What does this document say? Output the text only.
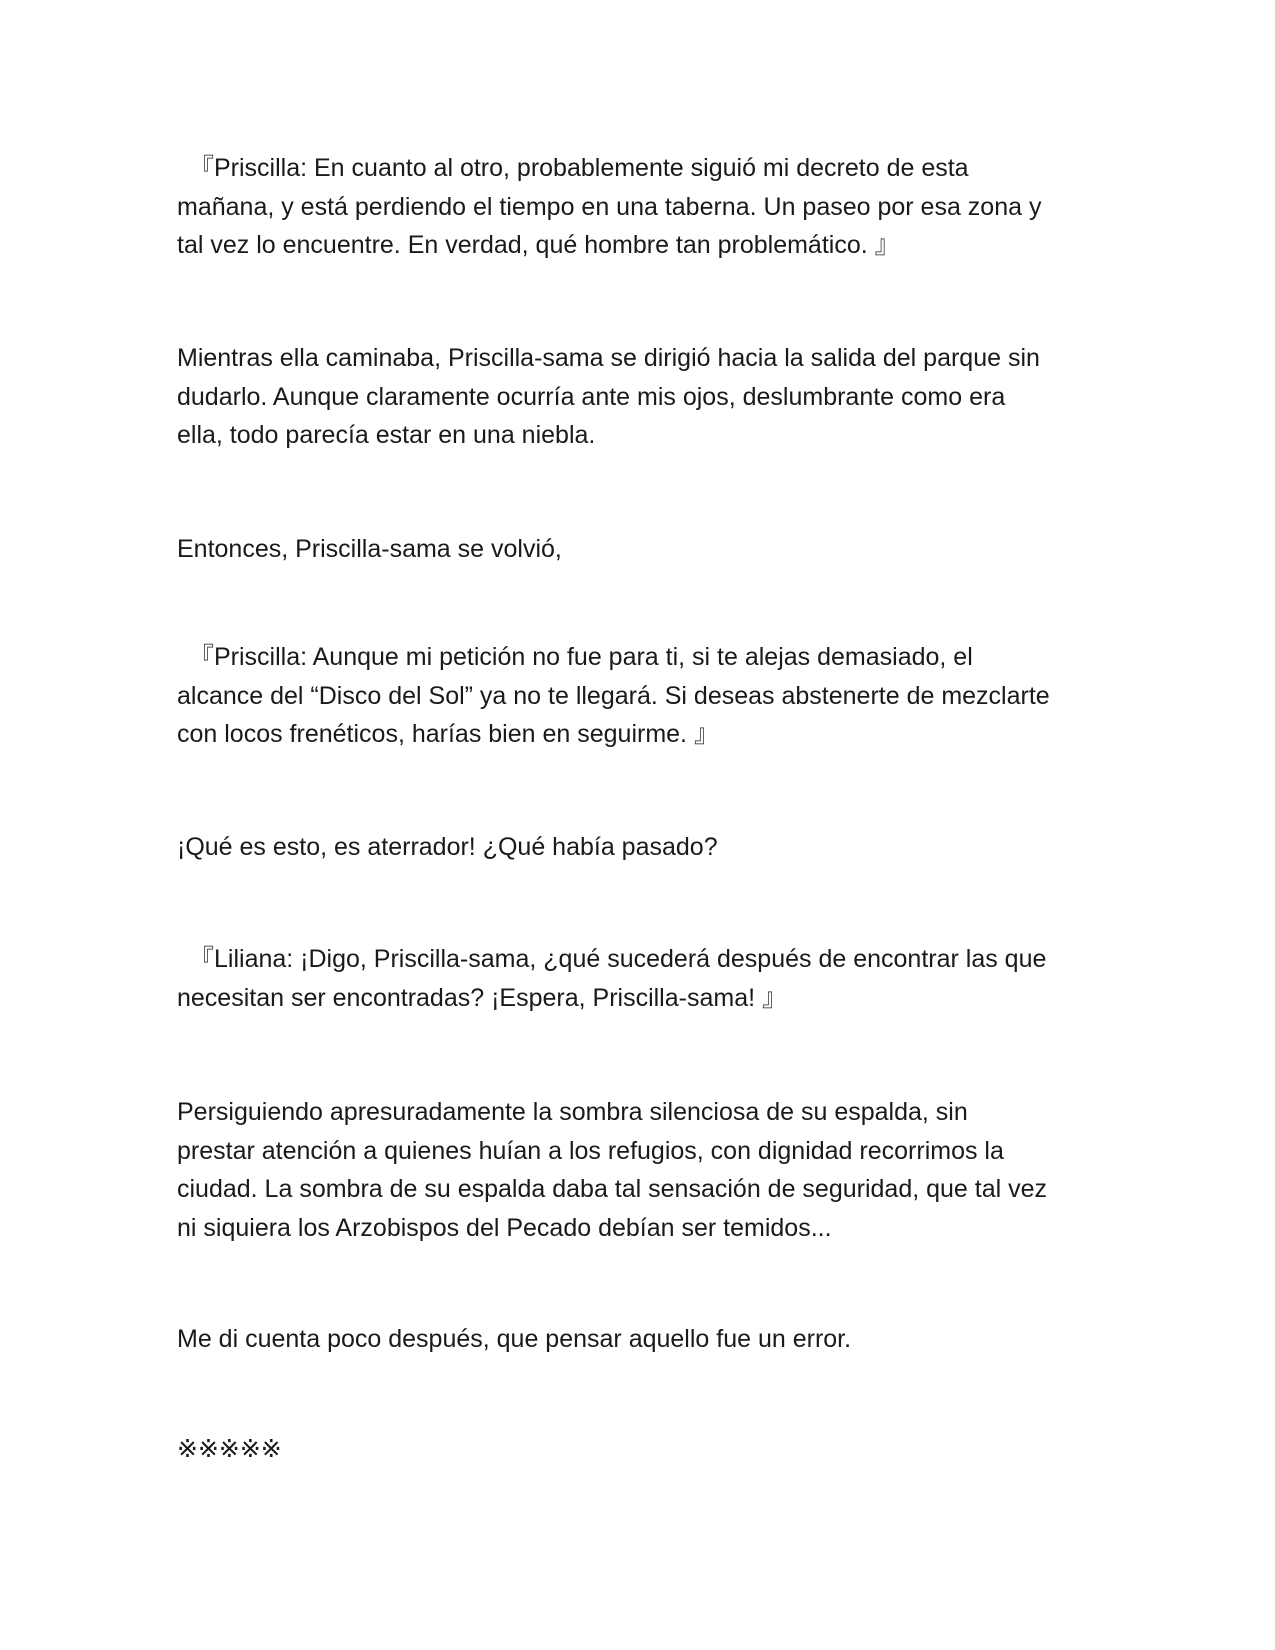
『Priscilla: En cuanto al otro, probablemente siguió mi decreto de esta
mañana, y está perdiendo el tiempo en una taberna. Un paseo por esa zona y
tal vez lo encuentre. En verdad, qué hombre tan problemático. 』

Mientras ella caminaba, Priscilla-sama se dirigió hacia la salida del parque sin
dudarlo. Aunque claramente ocurría ante mis ojos, deslumbrante como era
ella, todo parecía estar en una niebla.

Entonces, Priscilla-sama se volvió,

『Priscilla: Aunque mi petición no fue para ti, si te alejas demasiado, el
alcance del “Disco del Sol” ya no te llegará. Si deseas abstenerte de mezclarte
con locos frenéticos, harías bien en seguirme. 』

¡Qué es esto, es aterrador! ¿Qué había pasado?

『Liliana: ¡Digo, Priscilla-sama, ¿qué sucederá después de encontrar las que
necesitan ser encontradas? ¡Espera, Priscilla-sama! 』

Persiguiendo apresuradamente la sombra silenciosa de su espalda, sin
prestar atención a quienes huían a los refugios, con dignidad recorrimos la
ciudad. La sombra de su espalda daba tal sensación de seguridad, que tal vez
ni siquiera los Arzobispos del Pecado debían ser temidos...

Me di cuenta poco después, que pensar aquello fue un error.

※※※※※
